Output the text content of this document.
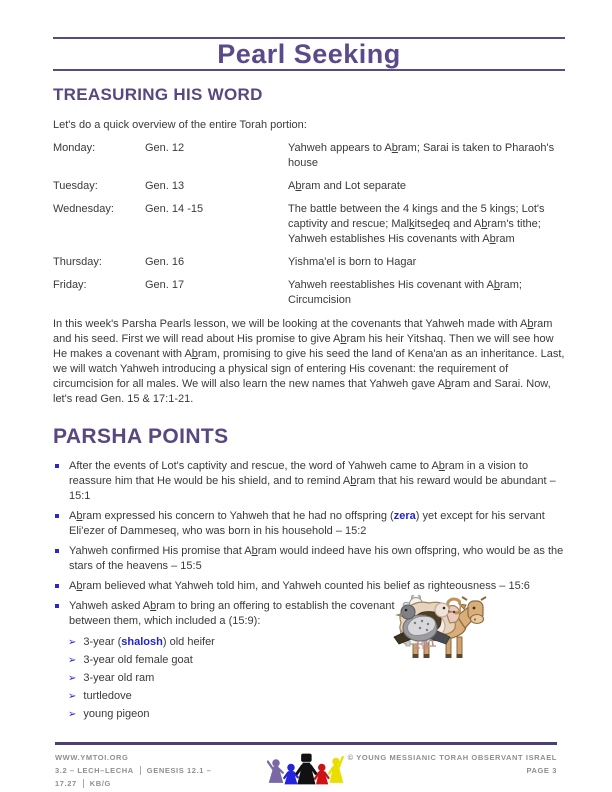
Pearl Seeking
TREASURING HIS WORD

Let's do a quick overview of the entire Torah portion:

Monday:	Gen. 12	Yahweh appears to Abram; Sarai is taken to Pharaoh's house
Tuesday:	Gen. 13	Abram and Lot separate
Wednesday:	Gen. 14 -15	The battle between the 4 kings and the 5 kings; Lot's captivity and rescue; Malkitsedeq and Abram's tithe; Yahweh establishes His covenants with Abram
Thursday:	Gen. 16	Yishma'el is born to Hagar
Friday:	Gen. 17	Yahweh reestablishes His covenant with Abram; Circumcision

In this week's Parsha Pearls lesson, we will be looking at the covenants that Yahweh made with Abram and his seed. First we will read about His promise to give Abram his heir Yitshaq. Then we will see how He makes a covenant with Abram, promising to give his seed the land of Kena'an as an inheritance. Last, we will watch Yahweh introducing a physical sign of entering His covenant: the requirement of circumcision for all males. We will also learn the new names that Yahweh gave Abram and Sarai. Now, let's read Gen. 15 & 17:1-21.

PARSHA POINTS
After the events of Lot's captivity and rescue, the word of Yahweh came to Abram in a vision to reassure him that He would be his shield, and to remind Abram that his reward would be abundant – 15:1
Abram expressed his concern to Yahweh that he had no offspring (zera) yet except for his servant Eli'ezer of Dammeseq, who was born in his household – 15:2
Yahweh confirmed His promise that Abram would indeed have his own offspring, who would be as the stars of the heavens – 15:5
Abram believed what Yahweh told him, and Yahweh counted his belief as righteousness – 15:6
Yahweh asked Abram to bring an offering to establish the covenant between them, which included a (15:9):
➢ 3-year (shalosh) old heifer
➢ 3-year old female goat
➢ 3-year old ram
➢ turtledove
➢ young pigeon
WWW.YMTOI.ORG
3.2 – LECH–LECHA GENESIS 12.1 – 17.27 KB/G
© YOUNG MESSIANIC TORAH OBSERVANT ISRAEL
PAGE 3
